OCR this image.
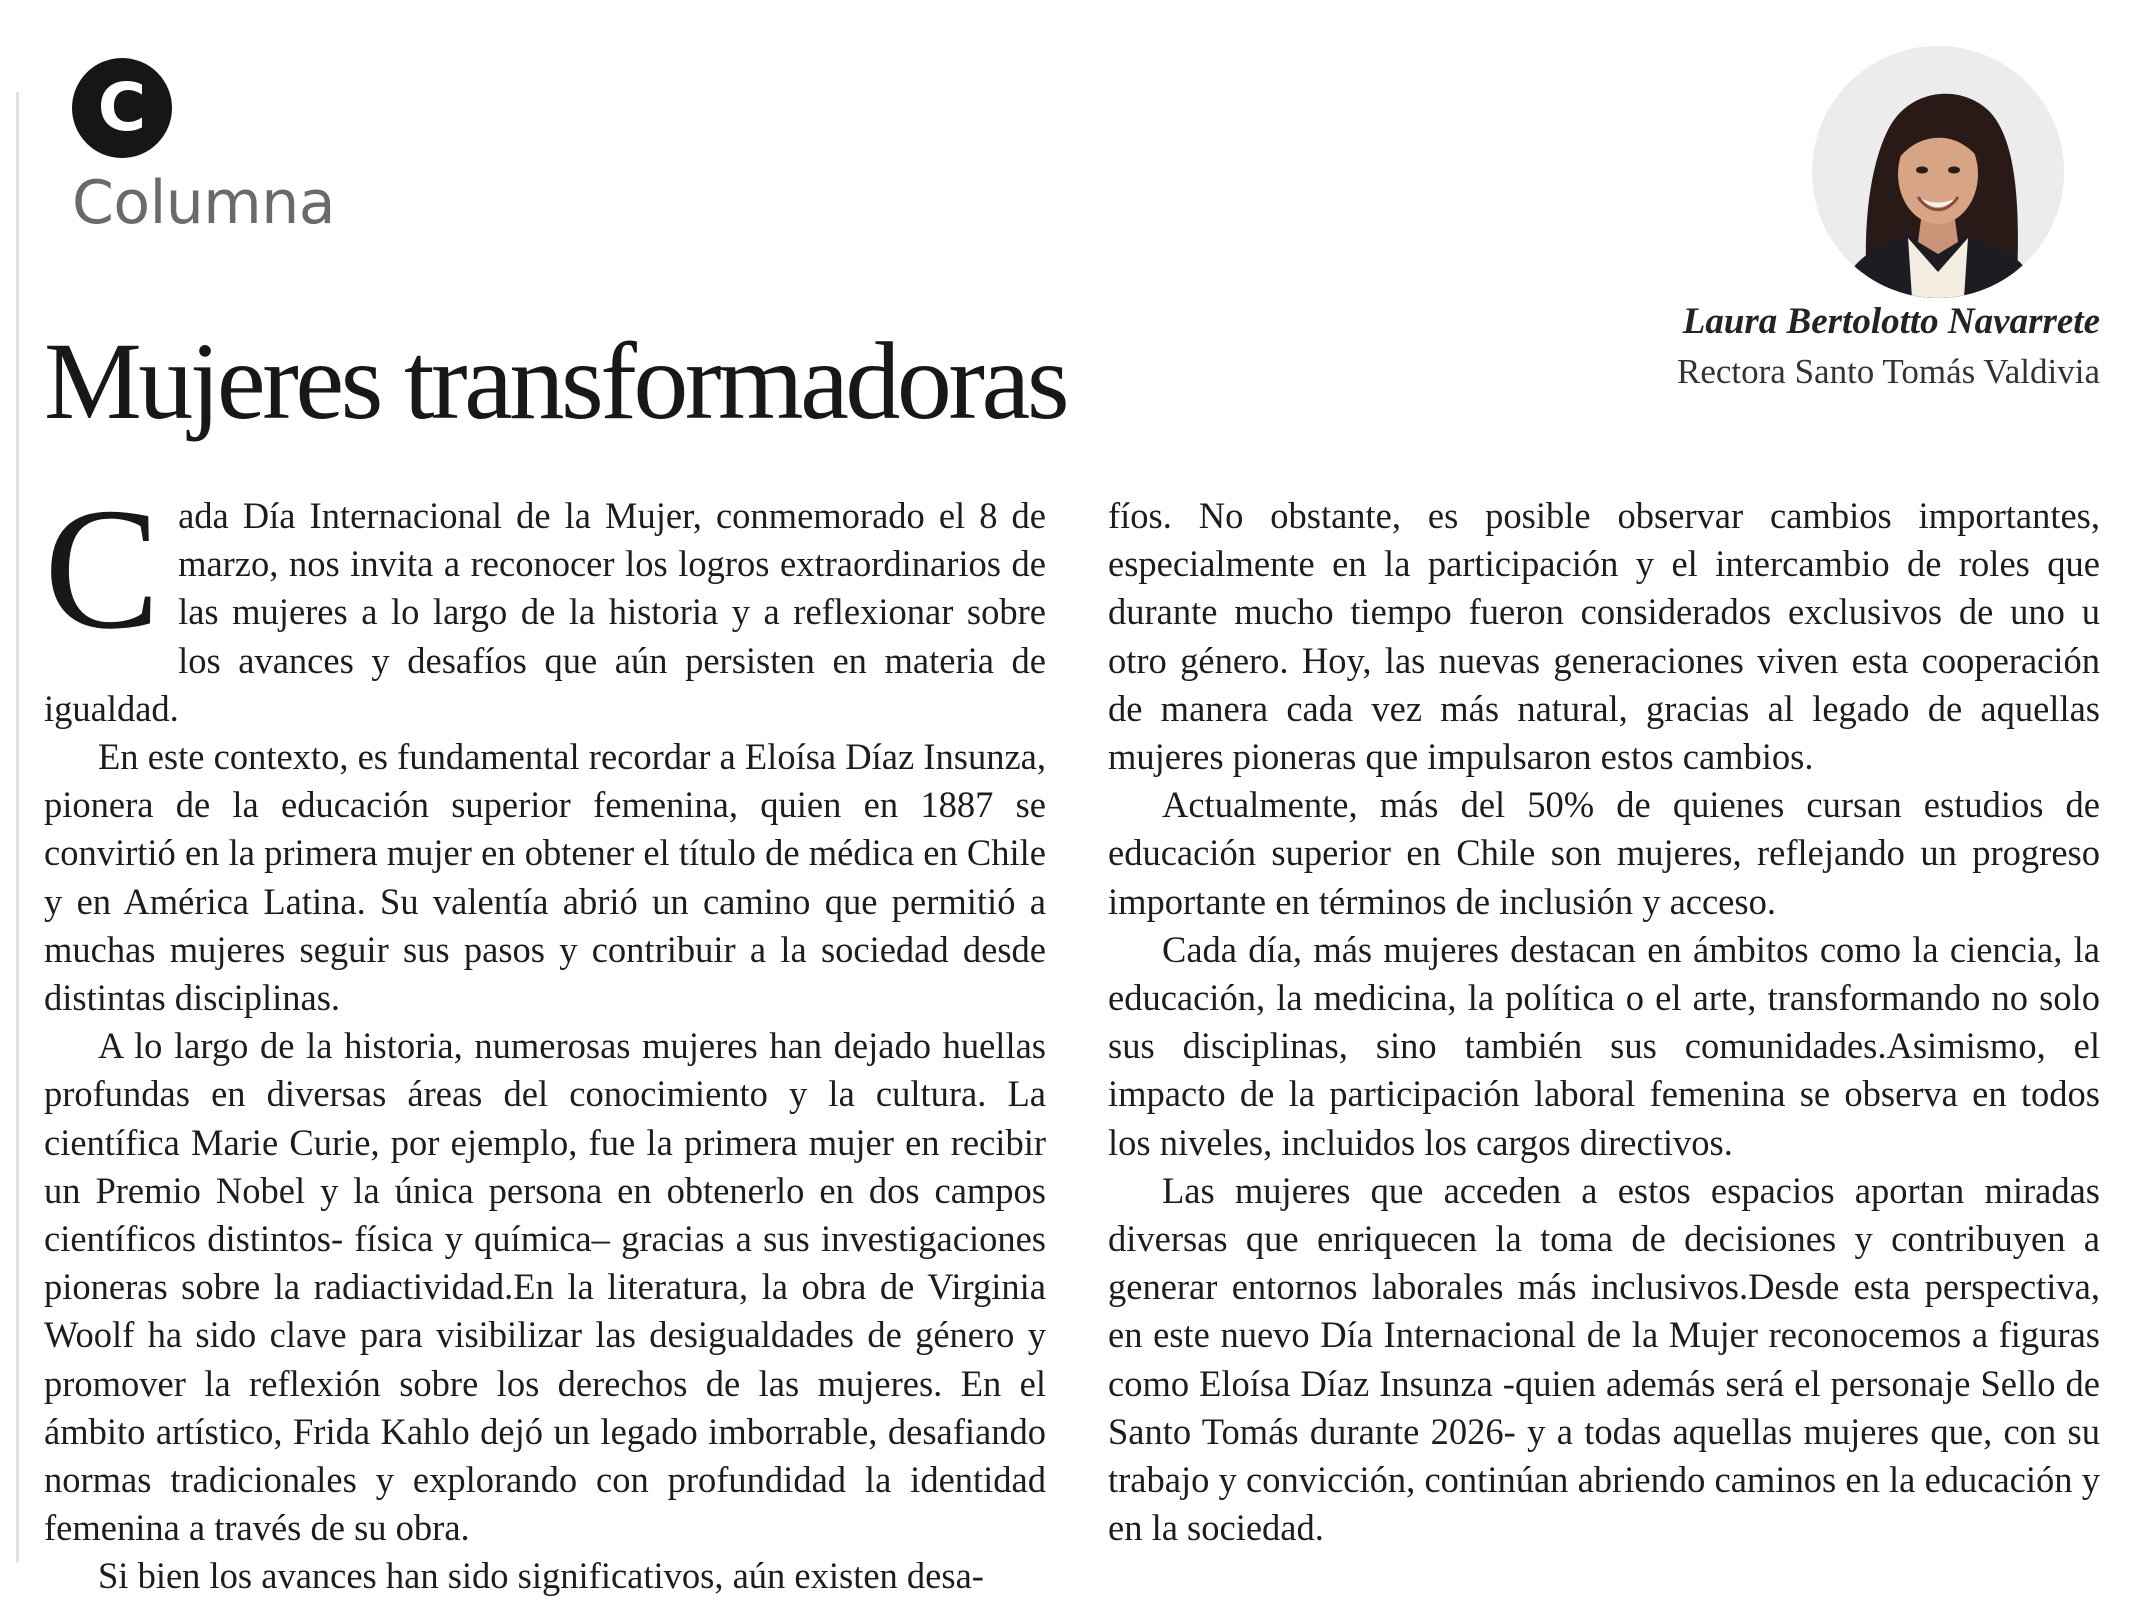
C
Columna
Mujeres transformadoras	Laura Bertolotto Navarrete
Rectora Santo Tomás Valdivia

Cada Día Internacional de la Mujer, conmemorado el 8 de marzo, nos invita a reconocer los logros extraordinarios de las mujeres a lo largo de la historia y a reflexionar sobre los avances y desafíos que aún persisten en materia de igualdad.

En este contexto, es fundamental recordar a Eloísa Díaz Insunza, pionera de la educación superior femenina, quien en 1887 se convirtió en la primera mujer en obtener el título de médica en Chile y en América Latina. Su valentía abrió un camino que permitió a muchas mujeres seguir sus pasos y contribuir a la sociedad desde distintas disciplinas.

A lo largo de la historia, numerosas mujeres han dejado huellas profundas en diversas áreas del conocimiento y la cultura. La científica Marie Curie, por ejemplo, fue la primera mujer en recibir un Premio Nobel y la única persona en obtenerlo en dos campos científicos distintos- física y química– gracias a sus investigaciones pioneras sobre la radiactividad.En la literatura, la obra de Virginia Woolf ha sido clave para visibilizar las desigualdades de género y promover la reflexión sobre los derechos de las mujeres. En el ámbito artístico, Frida Kahlo dejó un legado imborrable, desafiando normas tradicionales y explorando con profundidad la identidad femenina a través de su obra.

Si bien los avances han sido significativos, aún existen desa-

fíos. No obstante, es posible observar cambios importantes, especialmente en la participación y el intercambio de roles que durante mucho tiempo fueron considerados exclusivos de uno u otro género. Hoy, las nuevas generaciones viven esta cooperación de manera cada vez más natural, gracias al legado de aquellas mujeres pioneras que impulsaron estos cambios.

Actualmente, más del 50% de quienes cursan estudios de educación superior en Chile son mujeres, reflejando un progreso importante en términos de inclusión y acceso.

Cada día, más mujeres destacan en ámbitos como la ciencia, la educación, la medicina, la política o el arte, transformando no solo sus disciplinas, sino también sus comunidades.Asimismo, el impacto de la participación laboral femenina se observa en todos los niveles, incluidos los cargos directivos.

Las mujeres que acceden a estos espacios aportan miradas diversas que enriquecen la toma de decisiones y contribuyen a generar entornos laborales más inclusivos.Desde esta perspectiva, en este nuevo Día Internacional de la Mujer reconocemos a figuras como Eloísa Díaz Insunza -quien además será el personaje Sello de Santo Tomás durante 2026- y a todas aquellas mujeres que, con su trabajo y convicción, continúan abriendo caminos en la educación y en la sociedad.
